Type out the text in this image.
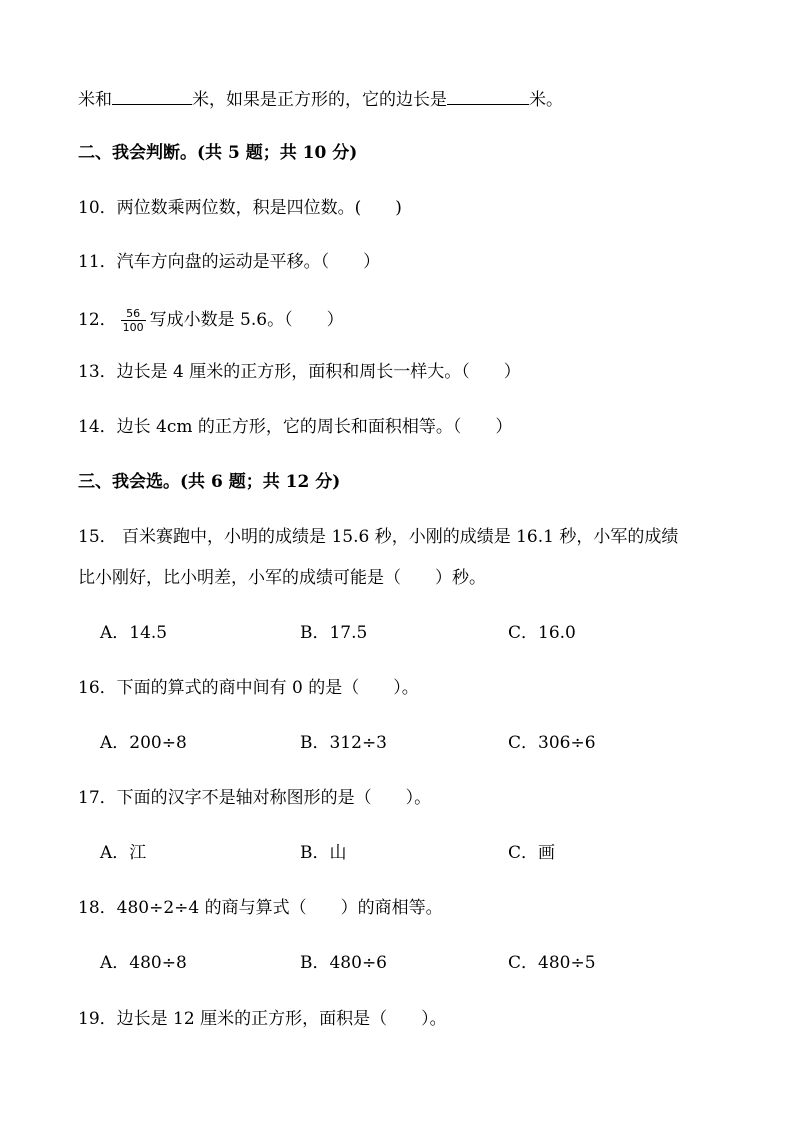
米和	米，如果是正方形的，它的边长是	米。
二、我会判断。(共 5 题；共 10 分)
10．两位数乘两位数，积是四位数。(　　)
11．汽车方向盘的运动是平移。（　　）
12． $\frac{56}{100}$ 写成小数是 5.6。（　　）
13．边长是 4 厘米的正方形，面积和周长一样大。（　　）
14．边长 4cm 的正方形，它的周长和面积相等。（　　）
三、我会选。(共 6 题；共 12 分)
15． 百米赛跑中，小明的成绩是 15.6 秒，小刚的成绩是 16.1 秒，小军的成绩
比小刚好，比小明差，小军的成绩可能是（　　）秒。
A．14.5	B．17.5	C．16.0
16．下面的算式的商中间有 0 的是（　　）。
A．200÷8	B．312÷3	C．306÷6
17．下面的汉字不是轴对称图形的是（　　）。
A．江	B．山	C．画
18．480÷2÷4 的商与算式（　　）的商相等。
A．480÷8	B．480÷6	C．480÷5
19．边长是 12 厘米的正方形，面积是（　　）。
